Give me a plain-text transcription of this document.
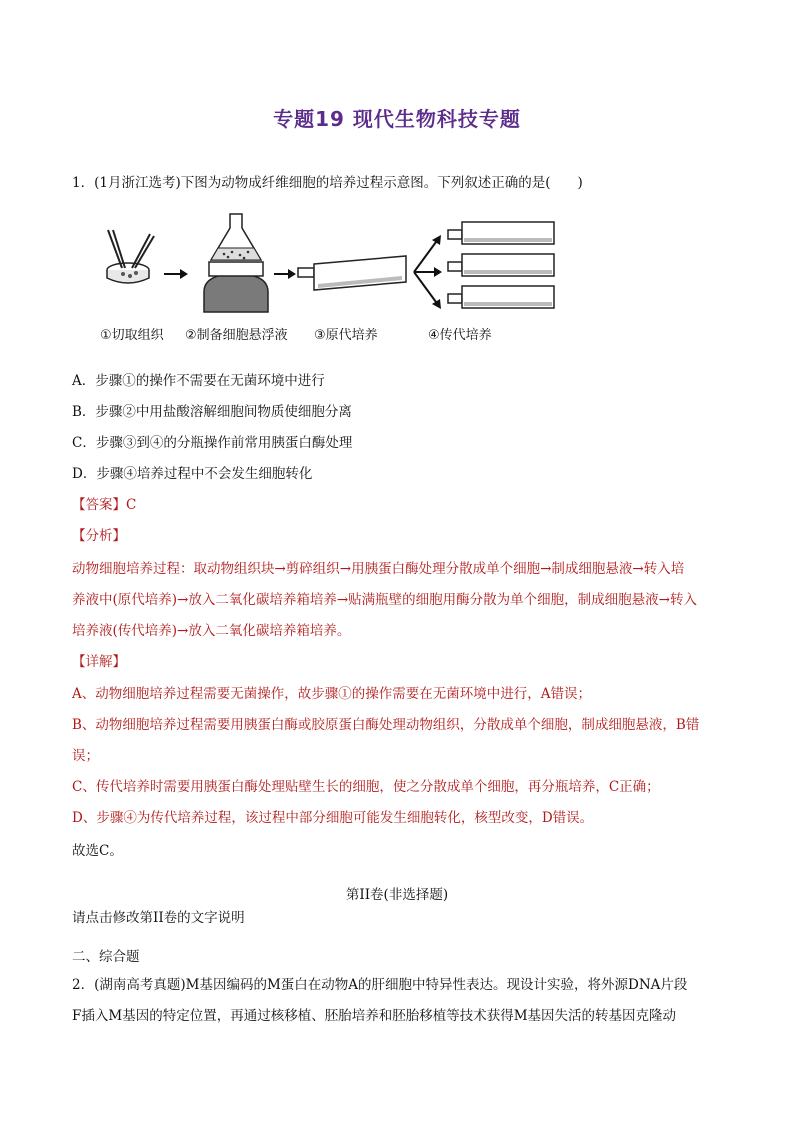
专题19 现代生物科技专题
1．(1月浙江选考)下图为动物成纤维细胞的培养过程示意图。下列叙述正确的是(　　)
①切取组织 ②制备细胞悬浮液 ③原代培养	④传代培养
A．步骤①的操作不需要在无菌环境中进行
B．步骤②中用盐酸溶解细胞间物质使细胞分离
C．步骤③到④的分瓶操作前常用胰蛋白酶处理
D．步骤④培养过程中不会发生细胞转化
【答案】C
【分析】
动物细胞培养过程：取动物组织块→剪碎组织→用胰蛋白酶处理分散成单个细胞→制成细胞悬液→转入培
养液中(原代培养)→放入二氧化碳培养箱培养→贴满瓶壁的细胞用酶分散为单个细胞，制成细胞悬液→转入
培养液(传代培养)→放入二氧化碳培养箱培养。
【详解】
A、动物细胞培养过程需要无菌操作，故步骤①的操作需要在无菌环境中进行，A错误；
B、动物细胞培养过程需要用胰蛋白酶或胶原蛋白酶处理动物组织，分散成单个细胞，制成细胞悬液，B错
误；
C、传代培养时需要用胰蛋白酶处理贴壁生长的细胞，使之分散成单个细胞，再分瓶培养，C正确；
D、步骤④为传代培养过程，该过程中部分细胞可能发生细胞转化，核型改变，D错误。
故选C。
第II卷(非选择题)
请点击修改第II卷的文字说明
二、综合题
2．(湖南高考真题)M基因编码的M蛋白在动物A的肝细胞中特异性表达。现设计实验，将外源DNA片段
F插入M基因的特定位置，再通过核移植、胚胎培养和胚胎移植等技术获得M基因失活的转基因克隆动
